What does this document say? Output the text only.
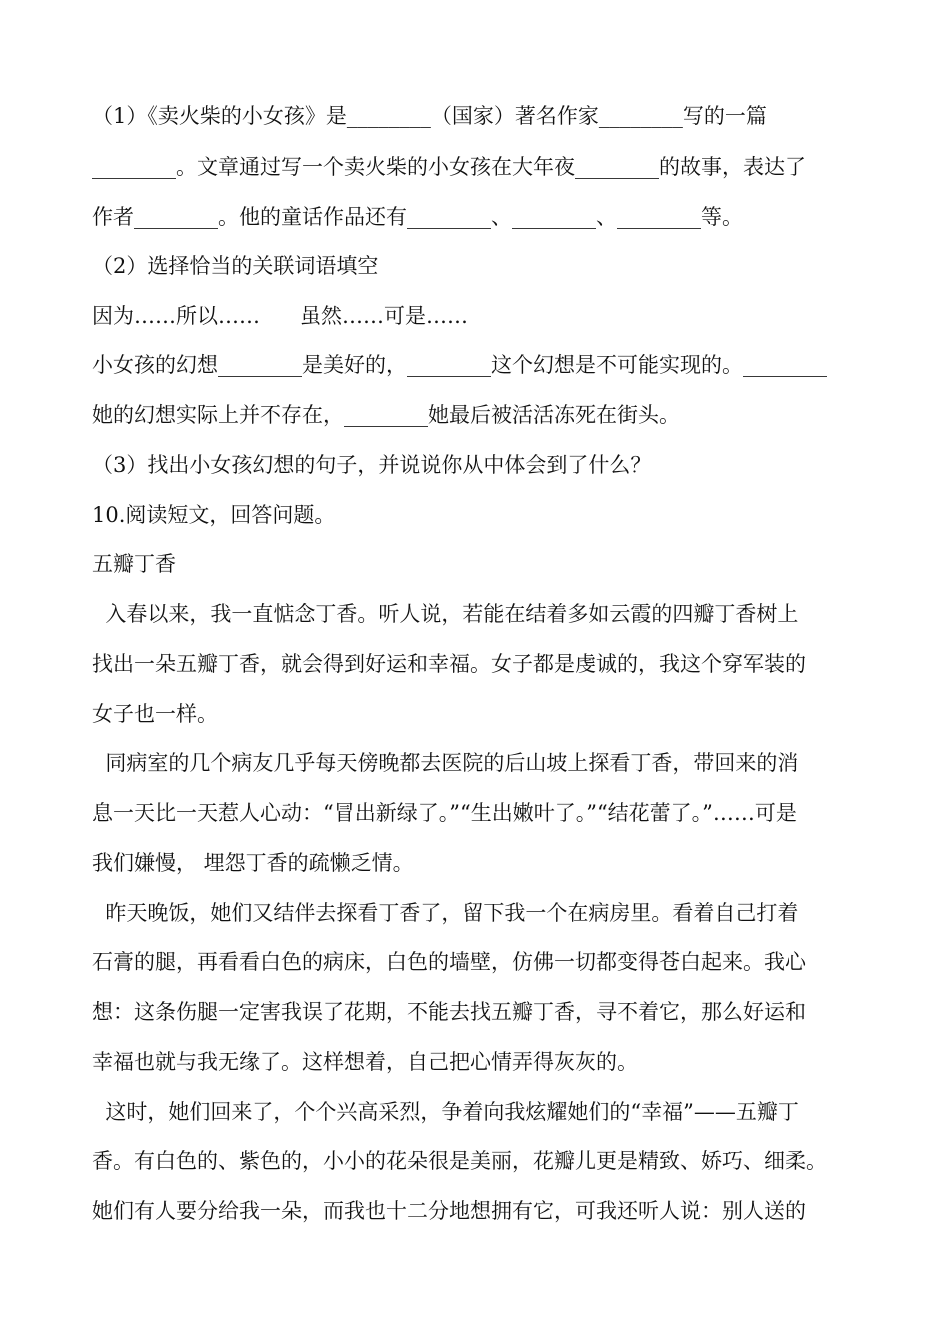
（1）《卖火柴的小女孩》是________（国家）著名作家________写的一篇
________。文章通过写一个卖火柴的小女孩在大年夜________的故事，表达了
作者________。他的童话作品还有________、________、________等。
（2）选择恰当的关联词语填空
因为……所以……      虽然……可是……
小女孩的幻想________是美好的，________这个幻想是不可能实现的。________
她的幻想实际上并不存在，________她最后被活活冻死在街头。
（3）找出小女孩幻想的句子，并说说你从中体会到了什么？
10.阅读短文，回答问题。
五瓣丁香
入春以来，我一直惦念丁香。听人说，若能在结着多如云霞的四瓣丁香树上
找出一朵五瓣丁香，就会得到好运和幸福。女子都是虔诚的，我这个穿军装的
女子也一样。
同病室的几个病友几乎每天傍晚都去医院的后山坡上探看丁香，带回来的消
息一天比一天惹人心动：“冒出新绿了。”“生出嫩叶了。”“结花蕾了。”……可是
我们嫌慢， 埋怨丁香的疏懒乏情。
昨天晚饭，她们又结伴去探看丁香了，留下我一个在病房里。看着自己打着
石膏的腿，再看看白色的病床，白色的墙壁，仿佛一切都变得苍白起来。我心
想：这条伤腿一定害我误了花期，不能去找五瓣丁香，寻不着它，那么好运和
幸福也就与我无缘了。这样想着，自己把心情弄得灰灰的。
这时，她们回来了，个个兴高采烈，争着向我炫耀她们的“幸福”——五瓣丁
香。有白色的、紫色的，小小的花朵很是美丽，花瓣儿更是精致、娇巧、细柔。
她们有人要分给我一朵，而我也十二分地想拥有它，可我还听人说：别人送的
